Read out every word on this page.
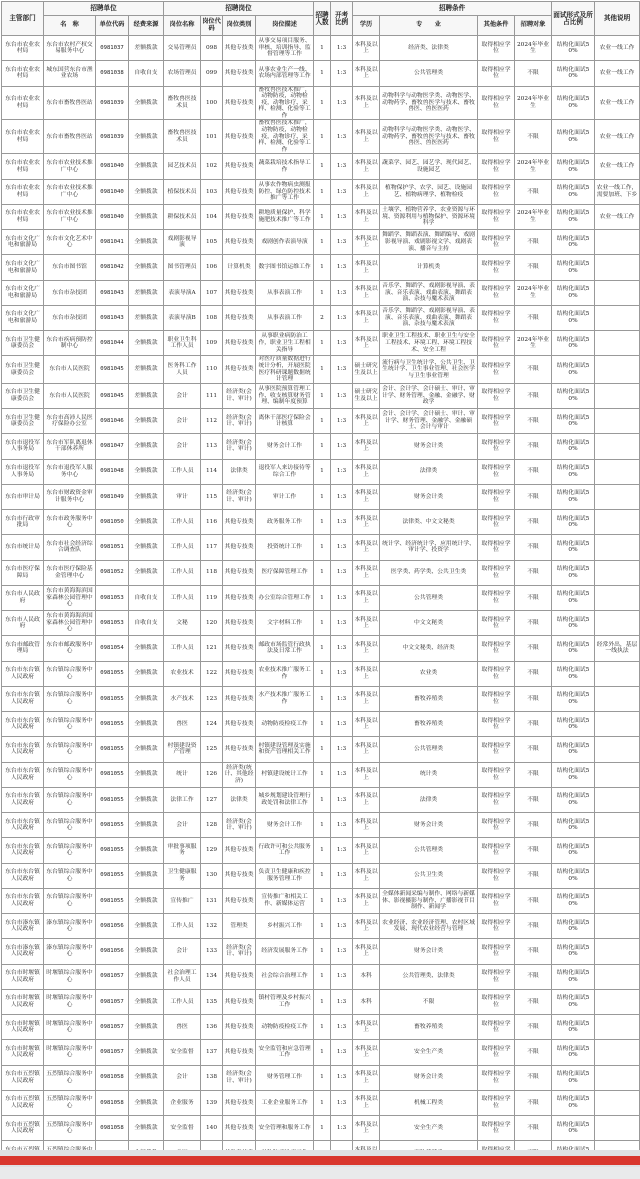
主管部门	招聘单位			招聘岗位				招聘人数	开考比例	招聘条件				面试形式及所占比例	其他说明
	名　称	单位代码	经费来源	岗位名称	岗位代码	岗位类别	岗位描述			学历	专　　业	其他条件	招聘对象		
东台市农业农村局	东台市农村产权交易服务中心	0981037	差额拨款	交易管理员	098	其他专技类	从事交易项目服务、审核、培训指导、监督管理等工作	1	1:3	本科及以上	经济类、法律类	取得相应学位	2024年毕业生	结构化面试50%	农业一线工作
东台市农业农村局	城东国营东台市渔业农场	0981038	自收自支	农场管理员	099	其他专技类	从事农业生产一线、农场内部管理等工作	1	1:3	本科及以上	公共管理类	取得相应学位	不限	结构化面试50%	农业一线工作
东台市农业农村局	东台市畜牧兽医站	0981039	全额拨款	畜牧兽医技术员	100	其他专技类	畜牧兽医技术推广，动物防疫，动物检疫，动物诊疗、采样、检测、化验等工作	1	1:3	本科及以上	动物科学与动物医学类、动物医学、动物药学、畜牧兽医学与技术、畜牧兽医、兽医医药	取得相应学位	2024年毕业生	结构化面试50%	农业一线工作
东台市农业农村局	东台市畜牧兽医站	0981039	全额拨款	畜牧兽医技术员	101	其他专技类	畜牧兽医技术推广，动物防疫，动物检疫，动物诊疗、采样、检测、化验等工作	1	1:3	本科及以上	动物科学与动物医学类、动物医学、动物药学、畜牧兽医学与技术、畜牧兽医、兽医医药	取得相应学位	不限	结构化面试50%	农业一线工作
东台市农业农村局	东台市农业技术推广中心	0981040	全额拨款	园艺技术员	102	其他专技类	蔬菜栽培技术指导工作	1	1:3	本科及以上	蔬菜学、园艺、园艺学、现代园艺、设施园艺	取得相应学位	2024年毕业生	结构化面试50%	农业一线工作
东台市农业农村局	东台市农业技术推广中心	0981040	全额拨款	植保技术员	103	其他专技类	从事农作物病虫测报防控、绿色防控技术推广等工作	1	1:3	本科及以上	植物保护学、农学、园艺、设施园艺、植物病理学、植物检疫	取得相应学位	不限	结构化面试50%	农业一线工作，需要加班、下乡
东台市农业农村局	东台市农业技术推广中心	0981040	全额拨款	耕保技术员	104	其他专技类	耕地质量保护、科学施肥技术推广等工作	1	1:3	本科及以上	土壤学、植物营养学、农业资源与环境、资源利用与植物保护、资源环境科学	取得相应学位	2024年毕业生	结构化面试50%	农业一线工作
东台市文化广电和旅游局	东台市文化艺术中心	0981041	全额拨款	戏剧影视导演	105	其他专技类	戏剧创作表演导演	1	1:3	本科及以上	舞蹈学、舞蹈表演、舞蹈编导、戏剧影视导演、戏剧影视文学、戏剧表演、播音与主持	取得相应学位	不限	结构化面试50%	
东台市文化广电和旅游局	东台市图书馆	0981042	全额拨款	图书管理员	106	计算机类	数字图书馆运维工作	1	1:3	本科及以上	计算机类	取得相应学位	不限	结构化面试50%	
东台市文化广电和旅游局	东台市杂技团	0981043	差额拨款	表演导演A	107	其他专技类	从事表演工作	1	1:3	本科及以上	音乐学、舞蹈学、戏剧影视导演、表演、音乐表演、戏曲表演、舞蹈表演、杂技与魔术表演	取得相应学位	2024年毕业生	结构化面试50%	
东台市文化广电和旅游局	东台市杂技团	0981043	差额拨款	表演导演B	108	其他专技类	从事表演工作	2	1:3	本科及以上	音乐学、舞蹈学、戏剧影视导演、表演、音乐表演、戏曲表演、舞蹈表演、杂技与魔术表演	取得相应学位	不限	结构化面试50%	
东台市卫生健康委员会	东台市疾病预防控制中心	0981044	全额拨款	职业卫生科工作人员	109	其他专技类	从事职业病防治工作，职业卫生工程相关指导	1	1:3	本科及以上	职业卫生工程技术、职业卫生与安全工程技术、环境工程、环境工程技术、安全工程	取得相应学位	2024年毕业生	结构化面试50%	
东台市卫生健康委员会	东台市人民医院	0981045	差额拨款	医务科工作人员	110	其他专技类	对医疗质量数据进行统计分析，开展医院医疗科研课题数据统计管理	1	1:3	硕士研究生及以上	流行病与卫生统计学、公共卫生、卫生统计学、卫生事业管理、社会医学与卫生事业管理	取得相应学位	不限	结构化面试50%	
东台市卫生健康委员会	东台市人民医院	0981045	差额拨款	会计	111	经济类(会计、审计)	从事医院预算管理工作、收支核算财务管理、编制年度预算	1	1:3	硕士研究生及以上	会计、会计学、会计硕士、审计、审计学、财务管理、金融、金融学、财政学	取得相应学位	不限	结构化面试50%	
东台市卫生健康委员会	东台市高沛人民医疗保险办公室	0981046	全额拨款	会计	112	经济类(会计、审计)	离休干部医疗保险会计核算	1	1:3	本科及以上	会计、会计学、会计硕士、审计、审计学、财务管理、金融学、金融硕士、会计与审计	取得相应学位	不限	结构化面试50%	
东台市退役军人事务局	东台市军队离退休干部休养所	0981047	全额拨款	会计	113	经济类(会计、审计)	财务会计工作	1	1:3	本科及以上	财务会计类	取得相应学位	不限	结构化面试50%	
东台市退役军人事务局	东台市退役军人服务中心	0981048	全额拨款	工作人员	114	法律类	退役军人来访接待等综合工作	1	1:3	本科及以上	法律类	取得相应学位	不限	结构化面试50%	
东台市审计局	东台市财政资金审计服务中心	0981049	全额拨款	审计	115	经济类(会计、审计)	审计工作	1	1:3	本科及以上	财务会计类	取得相应学位	不限	结构化面试50%	
东台市行政审批局	东台市政务服务中心	0981050	全额拨款	工作人员	116	其他专技类	政务服务工作	1	1:3	本科及以上	法律类、中文文秘类	取得相应学位	不限	结构化面试50%	
东台市统计局	东台市社会经济综合调查队	0981051	全额拨款	工作人员	117	其他专技类	投资统计工作	1	1:3	本科及以上	统计学、经济统计学、应用统计学、审计学、投资学	取得相应学位	不限	结构化面试50%	
东台市医疗保障局	东台市医疗保险基金管理中心	0981052	全额拨款	工作人员	118	其他专技类	医疗保障管理工作	1	1:3	本科及以上	医学类、药学类、公共卫生类	取得相应学位	不限	结构化面试50%	
东台市人民政府	东台市黄海海滨国家森林公园管理中心	0981053	自收自支	工作人员	119	其他专技类	办公室综合管理工作	1	1:3	本科及以上	公共管理类	取得相应学位	不限	结构化面试50%	
东台市人民政府	东台市黄海海滨国家森林公园管理中心	0981053	自收自支	文秘	120	其他专技类	文字材料工作	1	1:3	本科及以上	中文文秘类	取得相应学位	不限	结构化面试50%	
东台市邮政管理局	东台市邮政服务中心	0981054	全额拨款	工作人员	121	其他专技类	邮政市场监管行政执法及日常工作	1	1:3	本科及以上	中文文秘类、经济类	取得相应学位	不限	结构化面试50%	经常外出，基层一线执法
东台市东台镇人民政府	东台镇综合服务中心	0981055	全额拨款	农业技术	122	其他专技类	农业技术推广服务工作	1	1:3	本科及以上	农业类	取得相应学位	不限	结构化面试50%	
东台市东台镇人民政府	东台镇综合服务中心	0981055	全额拨款	水产技术	123	其他专技类	水产技术推广服务工作	1	1:3	本科及以上	畜牧养殖类	取得相应学位	不限	结构化面试50%	
东台市东台镇人民政府	东台镇综合服务中心	0981055	全额拨款	兽医	124	其他专技类	动物防疫检疫工作	1	1:3	本科及以上	畜牧养殖类	取得相应学位	不限	结构化面试50%	
东台市东台镇人民政府	东台镇综合服务中心	0981055	全额拨款	村镇建设资产管理	125	其他专技类	村镇建设管理及实施和资产管理相关工作	1	1:3	本科及以上	公共管理类	取得相应学位	不限	结构化面试50%	
东台市东台镇人民政府	东台镇综合服务中心	0981055	全额拨款	统计	126	经济类(统计、其他经济)	村镇建设统计工作	1	1:3	本科及以上	统计类	取得相应学位	不限	结构化面试50%	
东台市东台镇人民政府	东台镇综合服务中心	0981055	全额拨款	法律工作	127	法律类	城乡规划建设管理行政处罚和法律工作	1	1:3	本科及以上	法律类	取得相应学位	不限	结构化面试50%	
东台市东台镇人民政府	东台镇综合服务中心	0981055	全额拨款	会计	128	经济类(会计、审计)	财务会计工作	1	1:3	本科及以上	财务会计类	取得相应学位	不限	结构化面试50%	
东台市东台镇人民政府	东台镇综合服务中心	0981055	全额拨款	审批事项服务	129	其他专技类	行政许可和公共服务工作	1	1:3	本科及以上	公共管理类	取得相应学位	不限	结构化面试50%	
东台市东台镇人民政府	东台镇综合服务中心	0981055	全额拨款	卫生健康服务	130	其他专技类	负责卫生健康和疾控服务管理工作	1	1:3	本科及以上	公共卫生类	取得相应学位	不限	结构化面试50%	
东台市东台镇人民政府	东台镇综合服务中心	0981055	全额拨款	宣传推广	131	其他专技类	宣传推广和相关工作、新媒体运营	1	1:3	本科及以上	全媒体新闻采编与制作、网络与新媒体、影视摄影与制作、广播影视节目制作、新闻学	取得相应学位	不限	结构化面试50%	
东台市溱东镇人民政府	溱东镇综合服务中心	0981056	全额拨款	工作人员	132	管理类	乡村振兴工作	1	1:3	本科及以上	农业经济、农业经济管理、农村区域发展、现代农业经营与管理	取得相应学位	不限	结构化面试50%	
东台市溱东镇人民政府	溱东镇综合服务中心	0981056	全额拨款	会计	133	经济类(会计、审计)	经济发展服务工作	1	1:3	本科及以上	财务会计类	取得相应学位	不限	结构化面试50%	
东台市时堰镇人民政府	时堰镇综合服务中心	0981057	全额拨款	社会治理工作人员	134	其他专技类	社会综合治理工作	1	1:3	本科	公共管理类、法律类	取得相应学位	不限	结构化面试50%	
东台市时堰镇人民政府	时堰镇综合服务中心	0981057	全额拨款	工作人员	135	其他专技类	镇村管理及乡村振兴工作	1	1:3	本科	不限	取得相应学位	不限	结构化面试50%	
东台市时堰镇人民政府	时堰镇综合服务中心	0981057	全额拨款	兽医	136	其他专技类	动物防疫检疫工作	1	1:3	本科及以上	畜牧养殖类	取得相应学位	不限	结构化面试50%	
东台市时堰镇人民政府	时堰镇综合服务中心	0981057	全额拨款	安全监督	137	其他专技类	安全监管和应急管理工作	1	1:3	本科及以上	安全生产类	取得相应学位	不限	结构化面试50%	
东台市五烈镇人民政府	五烈镇综合服务中心	0981058	全额拨款	会计	138	经济类(会计、审计)	财务管理工作	1	1:3	本科及以上	财务会计类	取得相应学位	不限	结构化面试50%	
东台市五烈镇人民政府	五烈镇综合服务中心	0981058	全额拨款	企业服务	139	其他专技类	工业企业服务工作	1	1:3	本科及以上	机械工程类	取得相应学位	不限	结构化面试50%	
东台市五烈镇人民政府	五烈镇综合服务中心	0981058	全额拨款	安全监督	140	其他专技类	安全管理和服务工作	1	1:3	本科及以上	安全生产类	取得相应学位	不限	结构化面试50%	
